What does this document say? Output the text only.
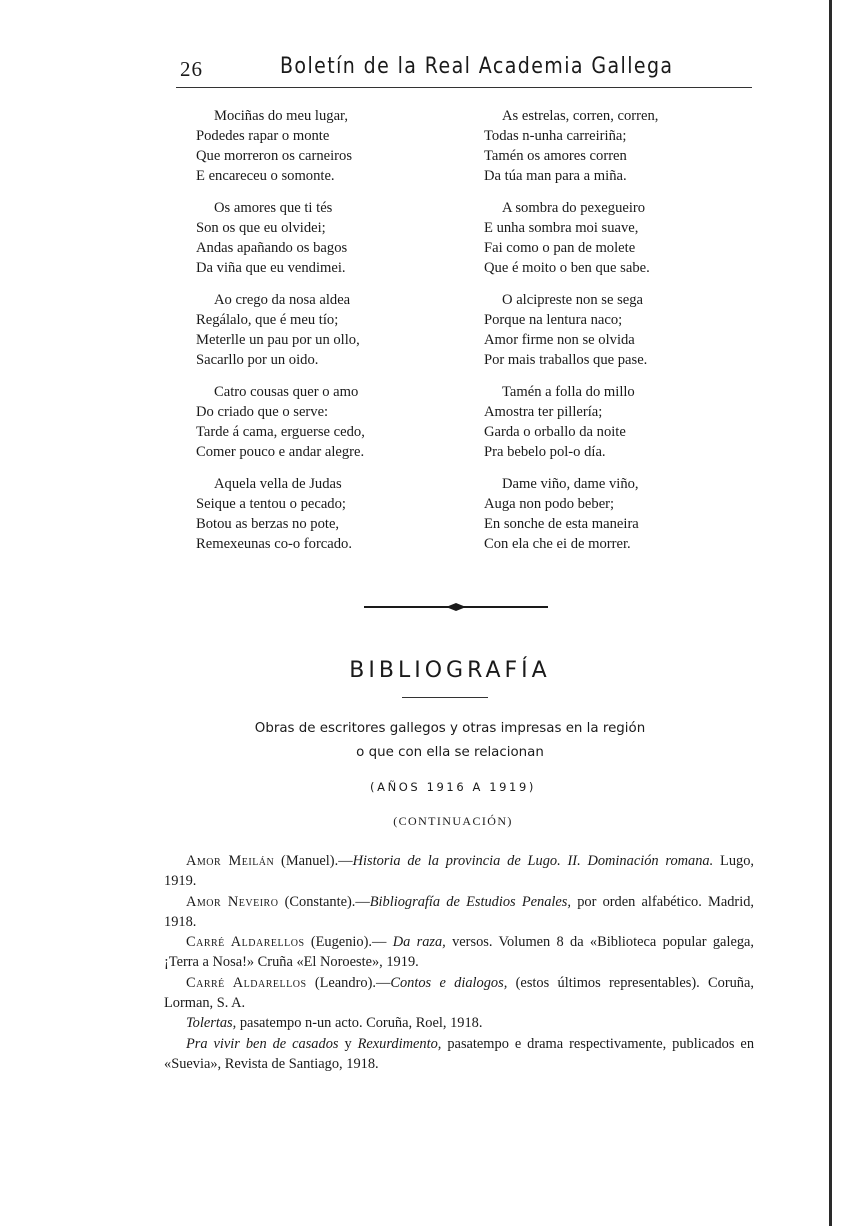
26	Boletín de la Real Academia Gallega
Mociñas do meu lugar,
Podedes rapar o monte
Que morreron os carneiros
E encareceu o somonte.
Os amores que ti tés
Son os que eu olvidei;
Andas apañando os bagos
Da viña que eu vendimei.
Ao crego da nosa aldea
Regálalo, que é meu tío;
Meterlle un pau por un ollo,
Sacarllo por un oido.
Catro cousas quer o amo
Do criado que o serve:
Tarde á cama, erguerse cedo,
Comer pouco e andar alegre.
Aquela vella de Judas
Seique a tentou o pecado;
Botou as berzas no pote,
Remexeunas co-o forcado.
As estrelas, corren, corren,
Todas n-unha carreiriña;
Tamén os amores corren
Da túa man para a miña.
A sombra do pexegueiro
E unha sombra moi suave,
Fai como o pan de molete
Que é moito o ben que sabe.
O alcipreste non se sega
Porque na lentura naco;
Amor firme non se olvida
Por mais traballos que pase.
Tamén a folla do millo
Amostra ter pillería;
Garda o orballo da noite
Pra bebelo pol-o día.
Dame viño, dame viño,
Auga non podo beber;
En sonche de esta maneira
Con ela che ei de morrer.
BIBLIOGRAFÍA
Obras de escritores gallegos y otras impresas en la región
o que con ella se relacionan
(AÑOS 1916 A 1919)
(CONTINUACIÓN)

Amor Meilán (Manuel).—Historia de la provincia de Lugo. II. Dominación romana. Lugo, 1919.

Amor Neveiro (Constante).—Bibliografía de Estudios Penales, por orden alfabético. Madrid, 1918.

Carré Aldarellos (Eugenio).— Da raza, versos. Volumen 8 da «Biblioteca popular galega, ¡Terra a Nosa!» Cruña «El Noroeste», 1919.

Carré Aldarellos (Leandro).—Contos e dialogos, (estos últimos representables). Coruña, Lorman, S. A.

Tolertas, pasatempo n-un acto. Coruña, Roel, 1918.

Pra vivir ben de casados y Rexurdimento, pasatempo e drama respectivamente, publicados en «Suevia», Revista de Santiago, 1918.
